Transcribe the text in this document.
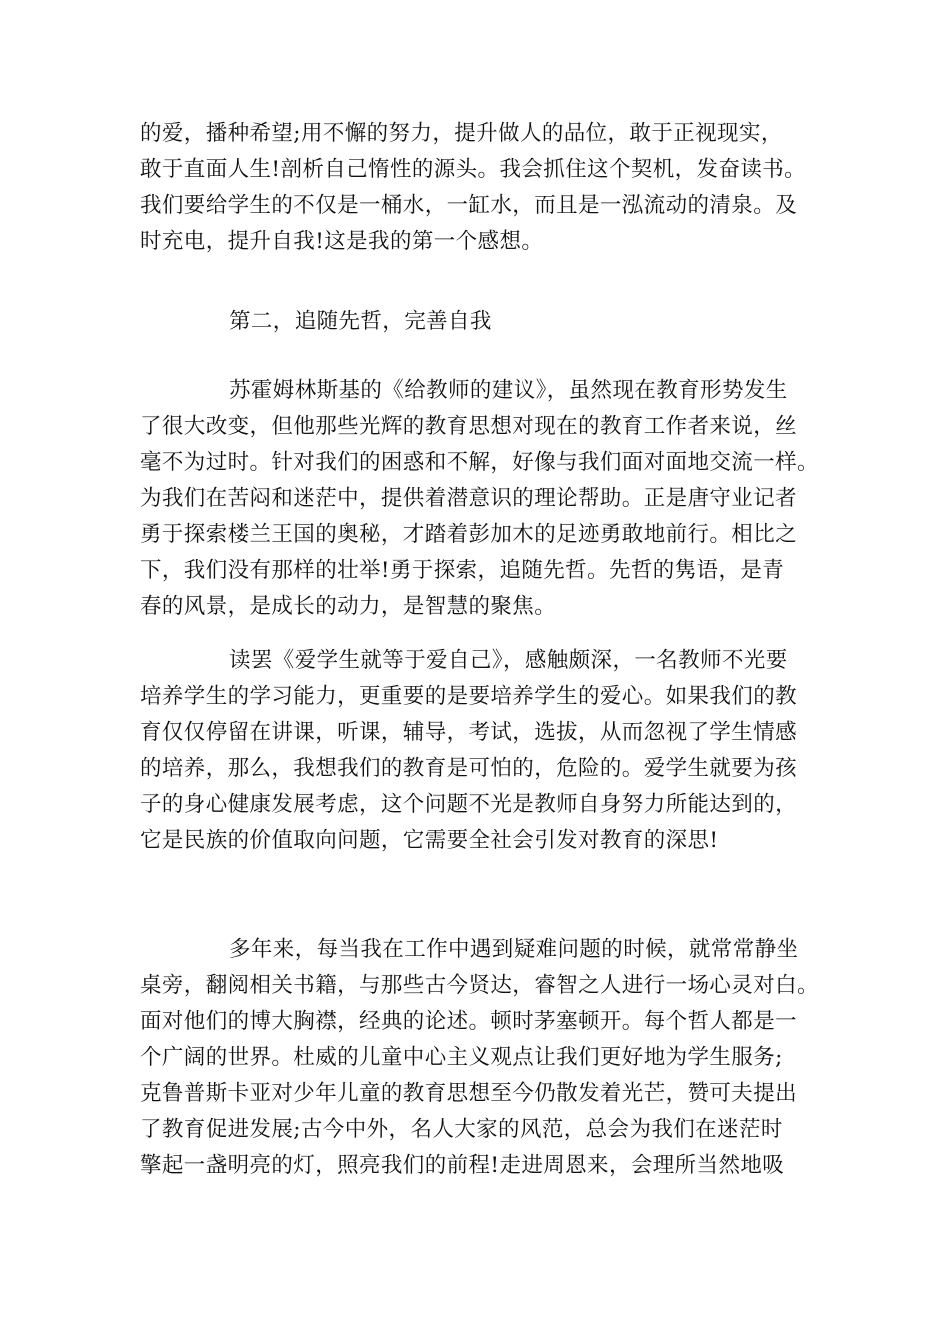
的爱，播种希望;用不懈的努力，提升做人的品位，敢于正视现实，
敢于直面人生!剖析自己惰性的源头。我会抓住这个契机，发奋读书。
我们要给学生的不仅是一桶水，一缸水，而且是一泓流动的清泉。及
时充电，提升自我!这是我的第一个感想。
第二，追随先哲，完善自我
苏霍姆林斯基的《给教师的建议》，虽然现在教育形势发生
了很大改变，但他那些光辉的教育思想对现在的教育工作者来说，丝
毫不为过时。针对我们的困惑和不解，好像与我们面对面地交流一样。
为我们在苦闷和迷茫中，提供着潜意识的理论帮助。正是唐守业记者
勇于探索楼兰王国的奥秘，才踏着彭加木的足迹勇敢地前行。相比之
下，我们没有那样的壮举!勇于探索，追随先哲。先哲的隽语，是青
春的风景，是成长的动力，是智慧的聚焦。
读罢《爱学生就等于爱自己》，感触颇深，一名教师不光要
培养学生的学习能力，更重要的是要培养学生的爱心。如果我们的教
育仅仅停留在讲课，听课，辅导，考试，选拔，从而忽视了学生情感
的培养，那么，我想我们的教育是可怕的，危险的。爱学生就要为孩
子的身心健康发展考虑，这个问题不光是教师自身努力所能达到的，
它是民族的价值取向问题，它需要全社会引发对教育的深思!
多年来，每当我在工作中遇到疑难问题的时候，就常常静坐
桌旁，翻阅相关书籍，与那些古今贤达，睿智之人进行一场心灵对白。
面对他们的博大胸襟，经典的论述。顿时茅塞顿开。每个哲人都是一
个广阔的世界。杜威的儿童中心主义观点让我们更好地为学生服务;
克鲁普斯卡亚对少年儿童的教育思想至今仍散发着光芒，赞可夫提出
了教育促进发展;古今中外，名人大家的风范，总会为我们在迷茫时
擎起一盏明亮的灯，照亮我们的前程!走进周恩来，会理所当然地吸
